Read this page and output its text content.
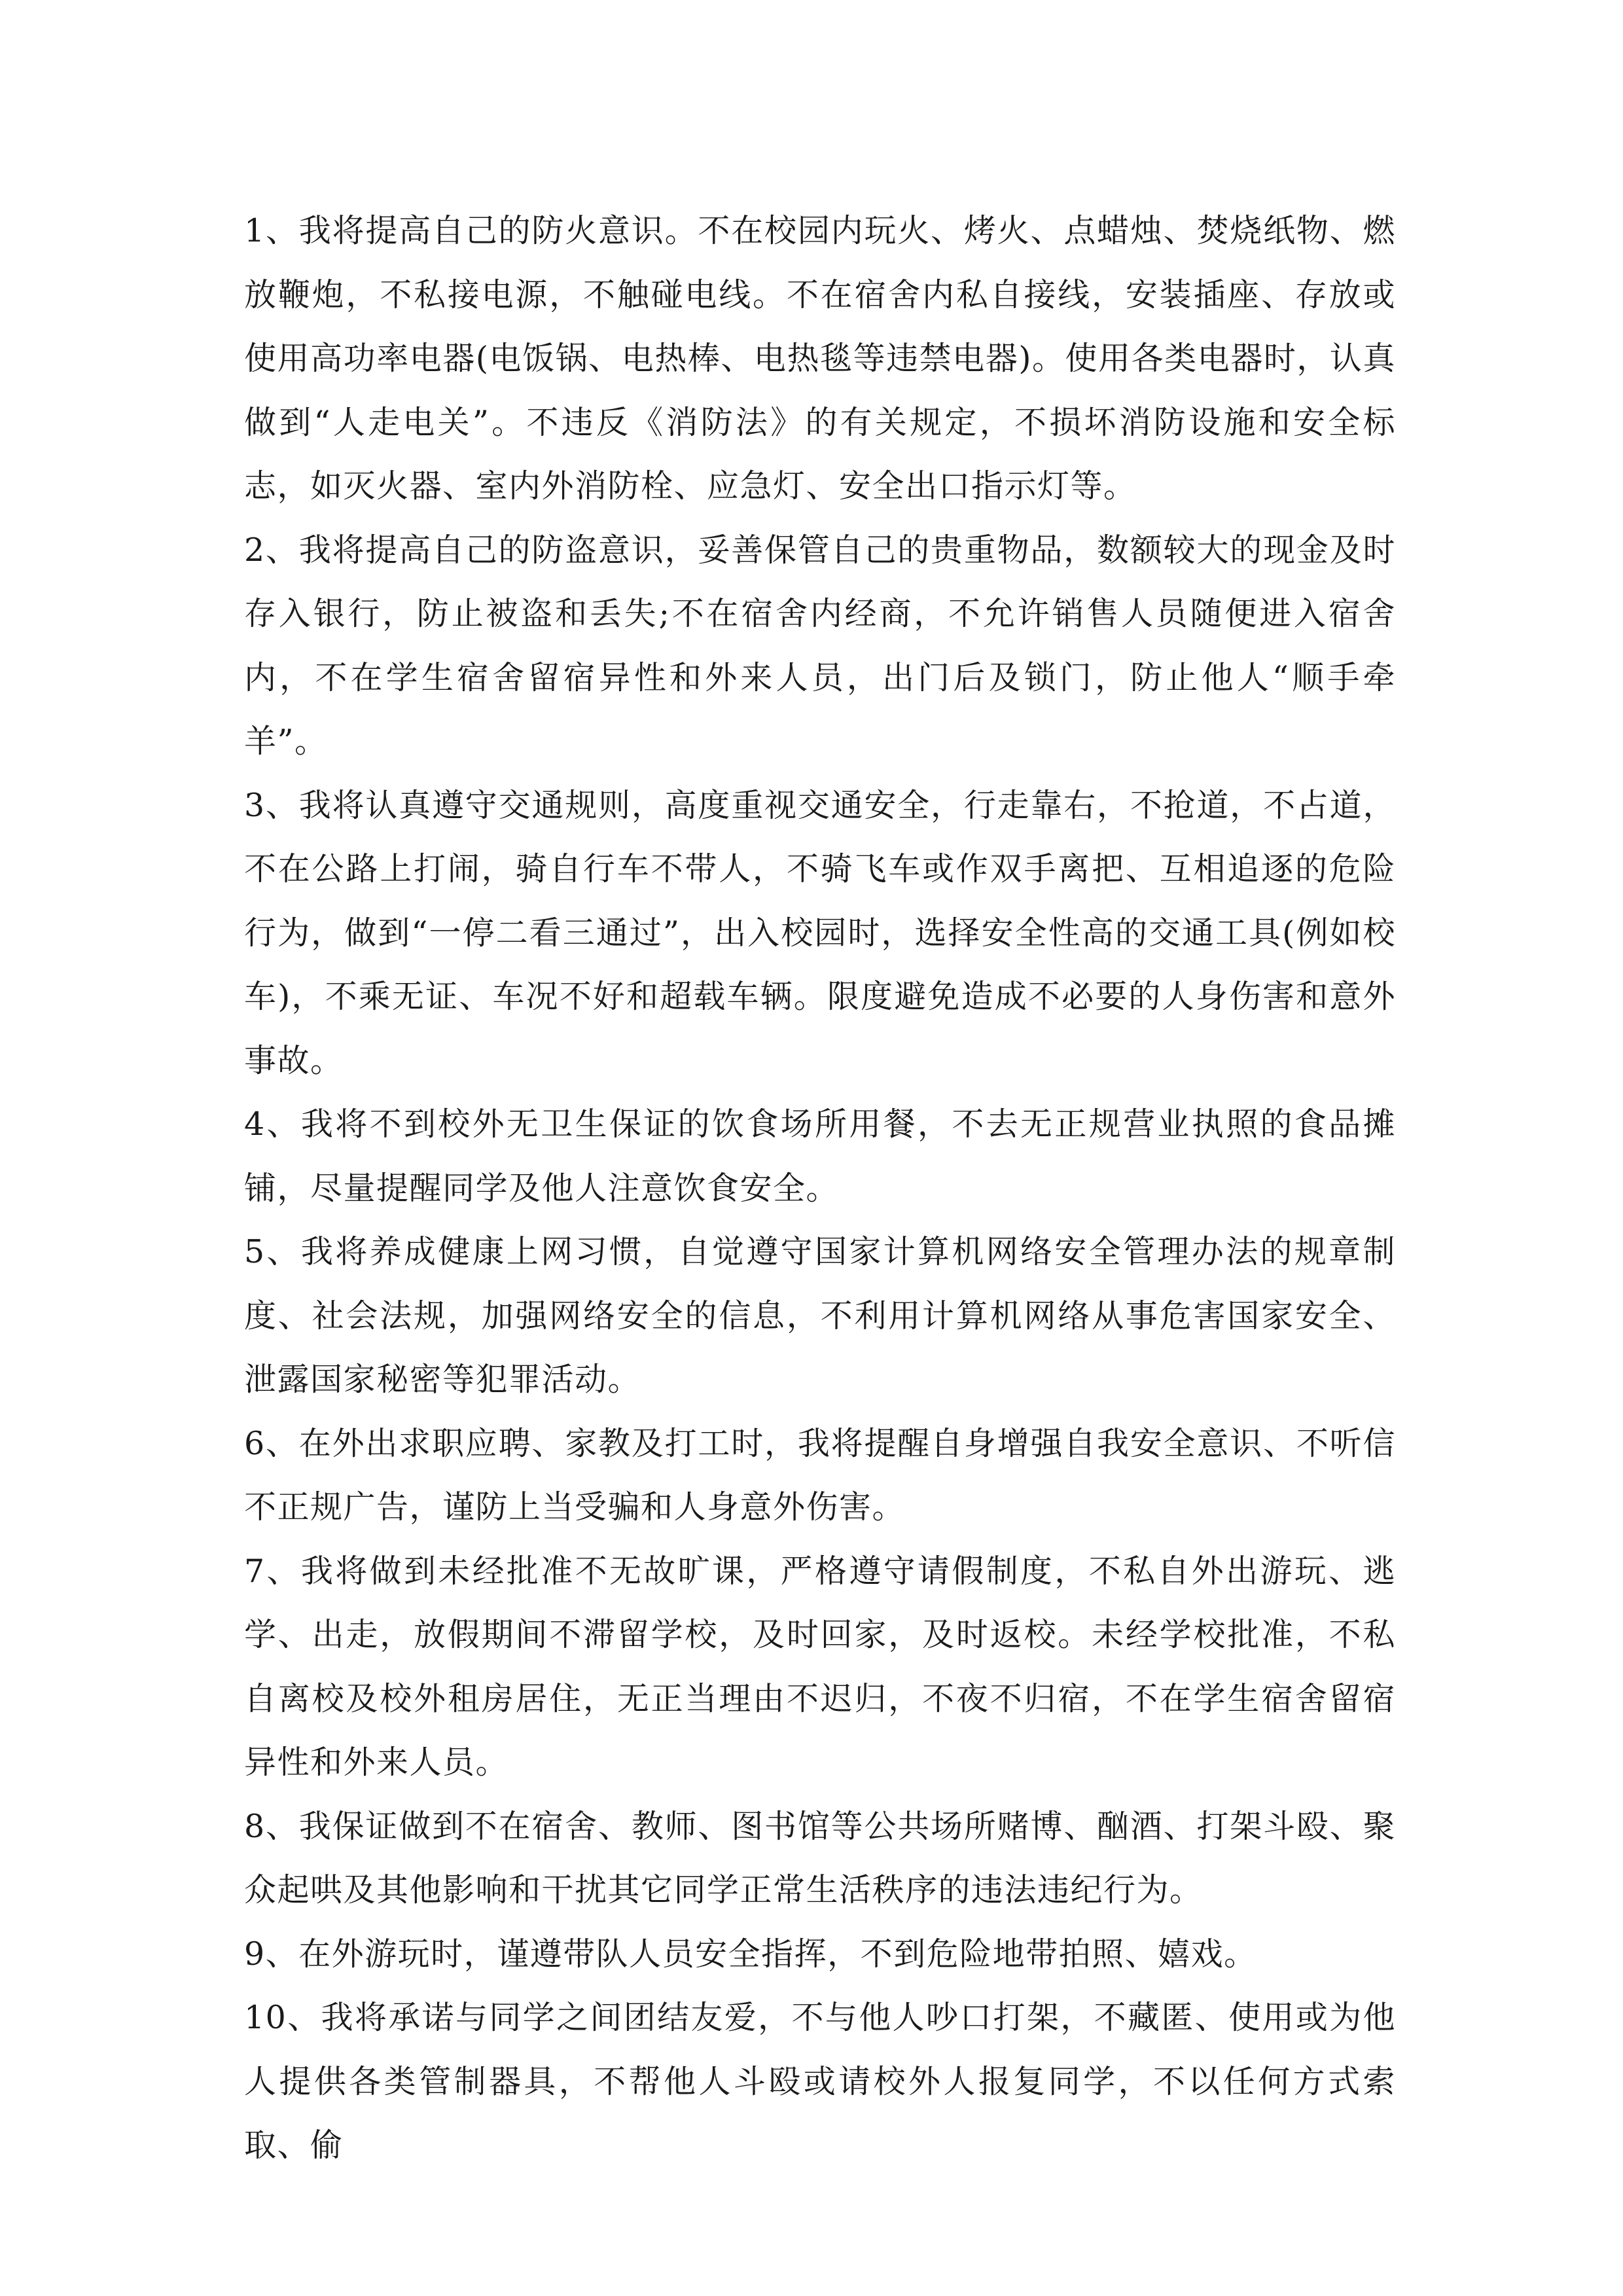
1、我将提高自己的防火意识。不在校园内玩火、烤火、点蜡烛、焚烧纸物、燃放鞭炮，不私接电源，不触碰电线。不在宿舍内私自接线，安装插座、存放或使用高功率电器(电饭锅、电热棒、电热毯等违禁电器)。使用各类电器时，认真做到“人走电关”。不违反《消防法》的有关规定，不损坏消防设施和安全标志，如灭火器、室内外消防栓、应急灯、安全出口指示灯等。

2、我将提高自己的防盗意识，妥善保管自己的贵重物品，数额较大的现金及时存入银行，防止被盗和丢失;不在宿舍内经商，不允许销售人员随便进入宿舍内，不在学生宿舍留宿异性和外来人员，出门后及锁门，防止他人“顺手牵羊”。

3、我将认真遵守交通规则，高度重视交通安全，行走靠右，不抢道，不占道，不在公路上打闹，骑自行车不带人，不骑飞车或作双手离把、互相追逐的危险行为，做到“一停二看三通过”，出入校园时，选择安全性高的交通工具(例如校车)，不乘无证、车况不好和超载车辆。限度避免造成不必要的人身伤害和意外事故。

4、我将不到校外无卫生保证的饮食场所用餐，不去无正规营业执照的食品摊铺，尽量提醒同学及他人注意饮食安全。

5、我将养成健康上网习惯，自觉遵守国家计算机网络安全管理办法的规章制度、社会法规，加强网络安全的信息，不利用计算机网络从事危害国家安全、泄露国家秘密等犯罪活动。

6、在外出求职应聘、家教及打工时，我将提醒自身增强自我安全意识、不听信不正规广告，谨防上当受骗和人身意外伤害。

7、我将做到未经批准不无故旷课，严格遵守请假制度，不私自外出游玩、逃学、出走，放假期间不滞留学校，及时回家，及时返校。未经学校批准，不私自离校及校外租房居住，无正当理由不迟归，不夜不归宿，不在学生宿舍留宿异性和外来人员。

8、我保证做到不在宿舍、教师、图书馆等公共场所赌博、酗酒、打架斗殴、聚众起哄及其他影响和干扰其它同学正常生活秩序的违法违纪行为。

9、在外游玩时，谨遵带队人员安全指挥，不到危险地带拍照、嬉戏。

10、我将承诺与同学之间团结友爱，不与他人吵口打架，不藏匿、使用或为他人提供各类管制器具，不帮他人斗殴或请校外人报复同学，不以任何方式索取、偷
